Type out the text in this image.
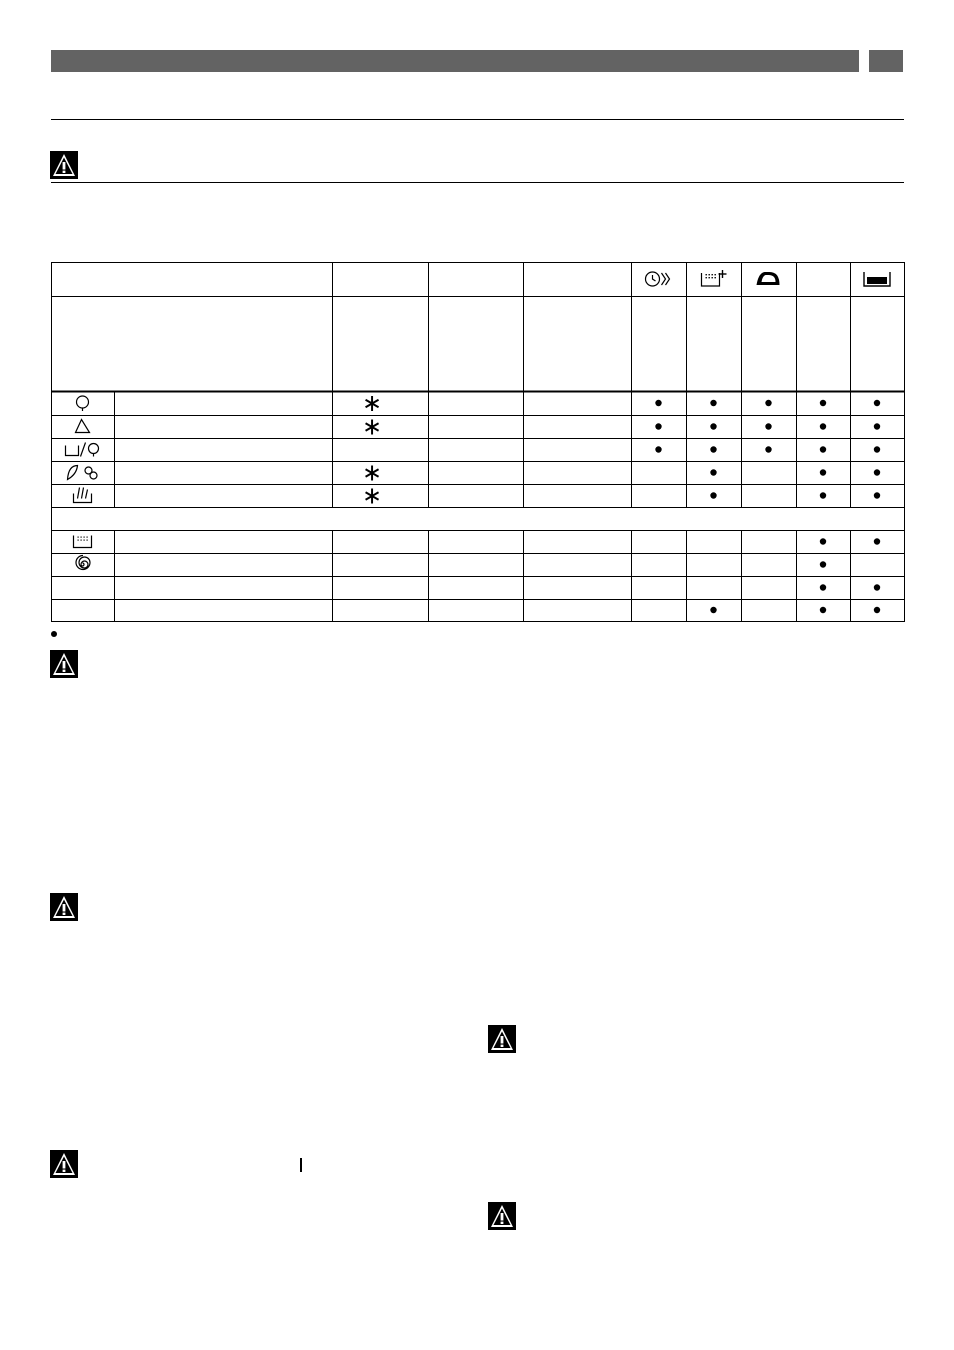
∗
∗
∗
∗
